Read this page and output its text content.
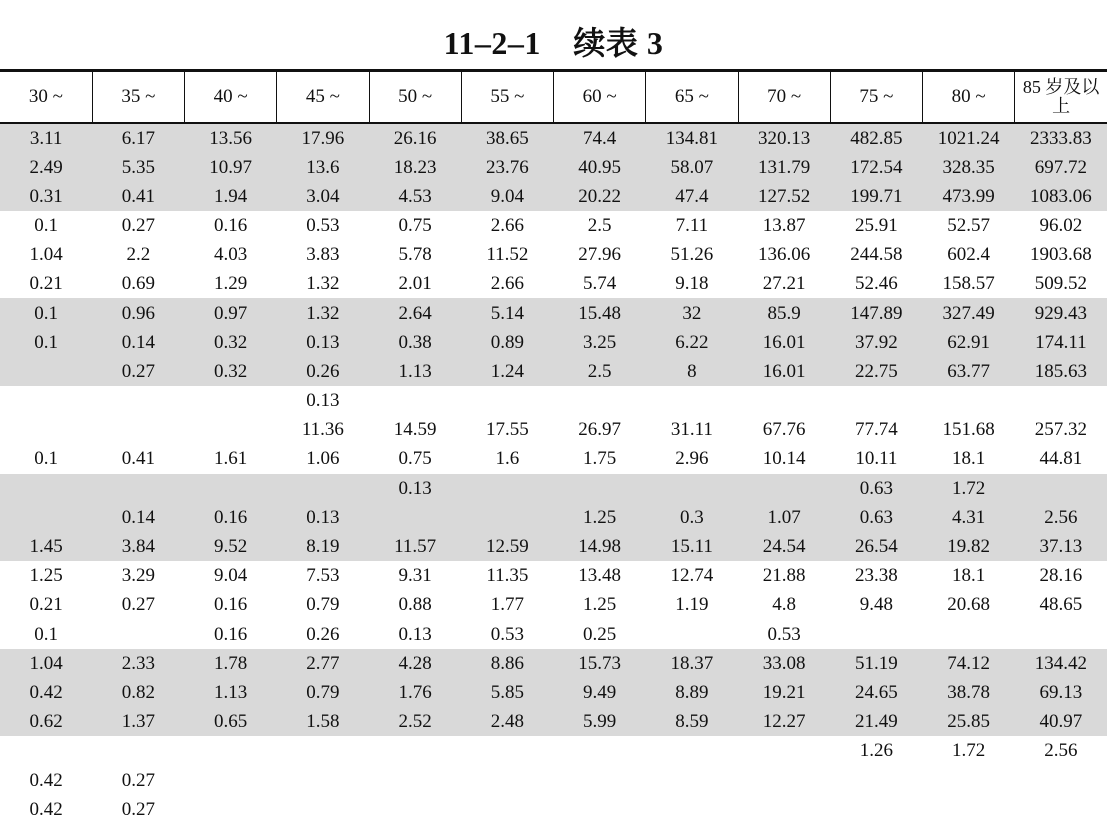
11–2–1　续表 3
30 ~	35 ~	40 ~	45 ~	50 ~	55 ~	60 ~	65 ~	70 ~	75 ~	80 ~	85 岁及以上
3.11	6.17	13.56	17.96	26.16	38.65	74.4	134.81	320.13	482.85	1021.24	2333.83
2.49	5.35	10.97	13.6	18.23	23.76	40.95	58.07	131.79	172.54	328.35	697.72
0.31	0.41	1.94	3.04	4.53	9.04	20.22	47.4	127.52	199.71	473.99	1083.06
0.1	0.27	0.16	0.53	0.75	2.66	2.5	7.11	13.87	25.91	52.57	96.02
1.04	2.2	4.03	3.83	5.78	11.52	27.96	51.26	136.06	244.58	602.4	1903.68
0.21	0.69	1.29	1.32	2.01	2.66	5.74	9.18	27.21	52.46	158.57	509.52
0.1	0.96	0.97	1.32	2.64	5.14	15.48	32	85.9	147.89	327.49	929.43
0.1	0.14	0.32	0.13	0.38	0.89	3.25	6.22	16.01	37.92	62.91	174.11
	0.27	0.32	0.26	1.13	1.24	2.5	8	16.01	22.75	63.77	185.63
			0.13								
			11.36	14.59	17.55	26.97	31.11	67.76	77.74	151.68	257.32
0.1	0.41	1.61	1.06	0.75	1.6	1.75	2.96	10.14	10.11	18.1	44.81
				0.13					0.63	1.72	
	0.14	0.16	0.13			1.25	0.3	1.07	0.63	4.31	2.56
1.45	3.84	9.52	8.19	11.57	12.59	14.98	15.11	24.54	26.54	19.82	37.13
1.25	3.29	9.04	7.53	9.31	11.35	13.48	12.74	21.88	23.38	18.1	28.16
0.21	0.27	0.16	0.79	0.88	1.77	1.25	1.19	4.8	9.48	20.68	48.65
0.1		0.16	0.26	0.13	0.53	0.25		0.53			
1.04	2.33	1.78	2.77	4.28	8.86	15.73	18.37	33.08	51.19	74.12	134.42
0.42	0.82	1.13	0.79	1.76	5.85	9.49	8.89	19.21	24.65	38.78	69.13
0.62	1.37	0.65	1.58	2.52	2.48	5.99	8.59	12.27	21.49	25.85	40.97
									1.26	1.72	2.56
0.42	0.27										
0.42	0.27										
